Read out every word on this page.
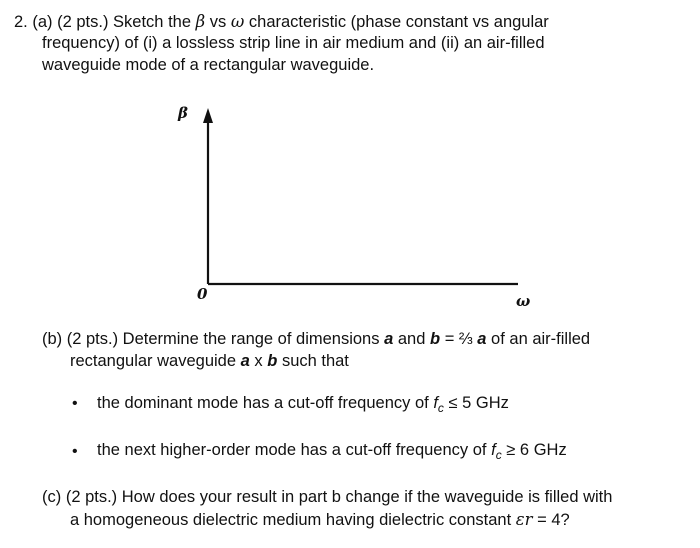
2. (a) (2 pts.) Sketch the β vs ω characteristic (phase constant vs angular
frequency) of (i) a lossless strip line in air medium and (ii) an air-filled
waveguide mode of a rectangular waveguide.
β
0	ω
(b) (2 pts.) Determine the range of dimensions a and b = ⅔ a of an air-filled
rectangular waveguide a x b such that
• the dominant mode has a cut-off frequency of $f_c \le 5$ GHz
• the next higher-order mode has a cut-off frequency of $f_c \ge 6$ GHz
(c) (2 pts.) How does your result in part b change if the waveguide is filled with
a homogeneous dielectric medium having dielectric constant εr = 4?
